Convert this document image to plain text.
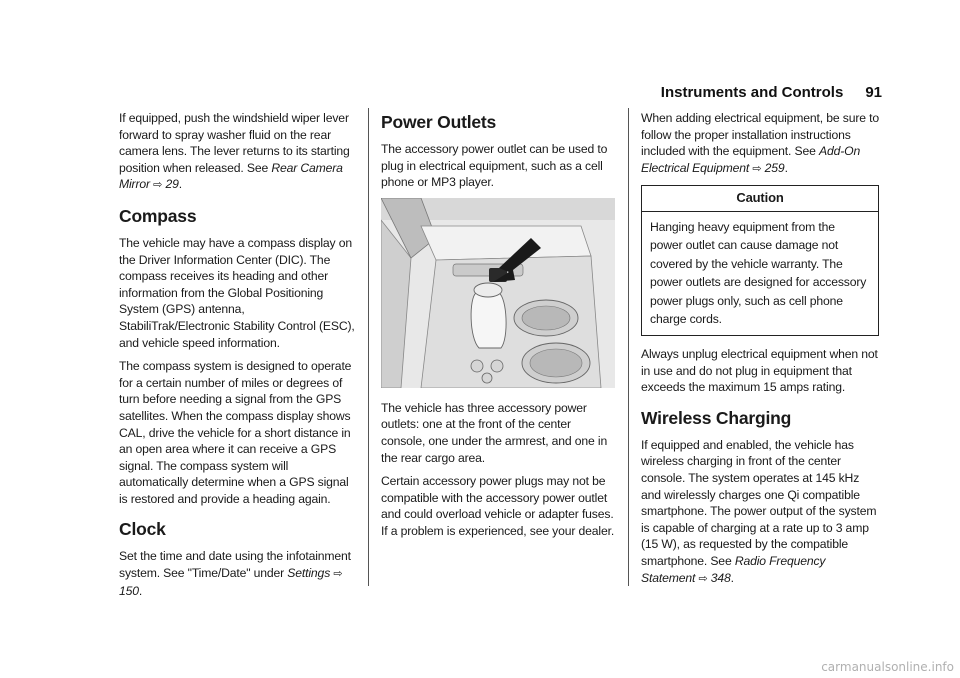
Instruments and Controls 91

If equipped, push the windshield wiper lever forward to spray washer fluid on the rear camera lens. The lever returns to its starting position when released. See Rear Camera Mirror ⇨ 29.

Compass

The vehicle may have a compass display on the Driver Information Center (DIC). The compass receives its heading and other information from the Global Positioning System (GPS) antenna, StabiliTrak/Electronic Stability Control (ESC), and vehicle speed information.

The compass system is designed to operate for a certain number of miles or degrees of turn before needing a signal from the GPS satellites. When the compass display shows CAL, drive the vehicle for a short distance in an open area where it can receive a GPS signal. The compass system will automatically determine when a GPS signal is restored and provide a heading again.

Clock

Set the time and date using the infotainment system. See "Time/Date" under Settings ⇨ 150.

Power Outlets

The accessory power outlet can be used to plug in electrical equipment, such as a cell phone or MP3 player.

The vehicle has three accessory power outlets: one at the front of the center console, one under the armrest, and one in the rear cargo area.

Certain accessory power plugs may not be compatible with the accessory power outlet and could overload vehicle or adapter fuses. If a problem is experienced, see your dealer.

When adding electrical equipment, be sure to follow the proper installation instructions included with the equipment. See Add-On Electrical Equipment ⇨ 259.

Caution
Hanging heavy equipment from the power outlet can cause damage not covered by the vehicle warranty. The power outlets are designed for accessory power plugs only, such as cell phone charge cords.

Always unplug electrical equipment when not in use and do not plug in equipment that exceeds the maximum 15 amps rating.

Wireless Charging

If equipped and enabled, the vehicle has wireless charging in front of the center console. The system operates at 145 kHz and wirelessly charges one Qi compatible smartphone. The power output of the system is capable of charging at a rate up to 3 amp (15 W), as requested by the compatible smartphone. See Radio Frequency Statement ⇨ 348.

carmanualsonline.info
